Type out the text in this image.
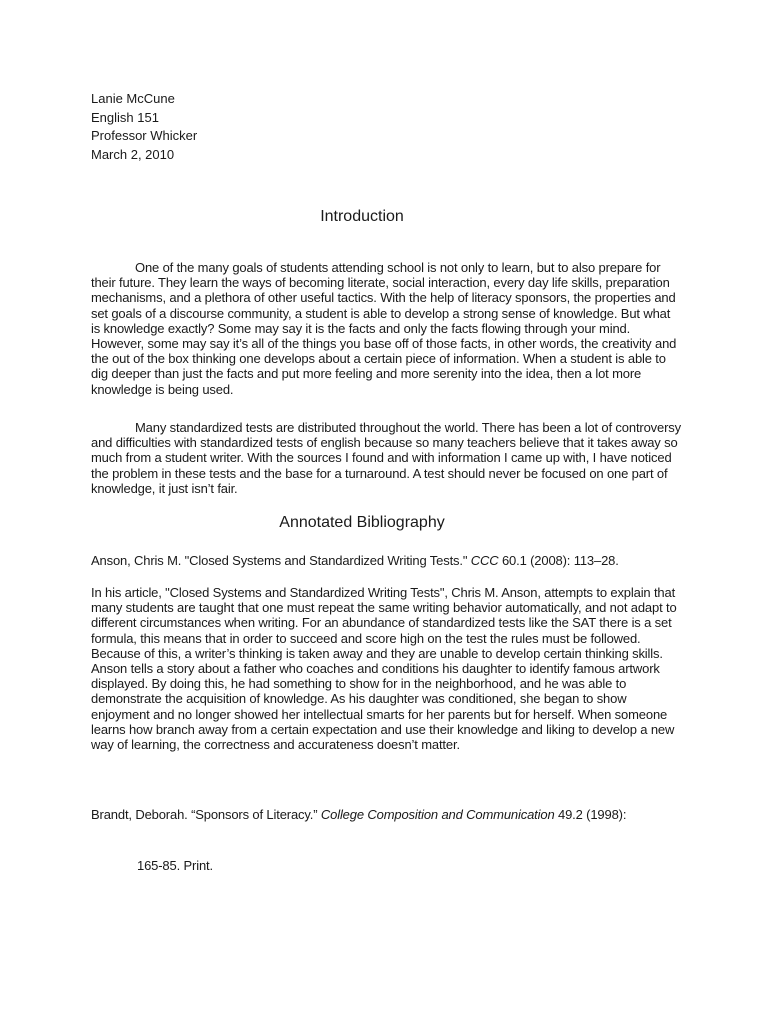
Lanie McCune
English 151
Professor Whicker
March 2, 2010
Introduction
One of the many goals of students attending school is not only to learn, but to also prepare for their future. They learn the ways of becoming literate, social interaction, every day life skills, preparation mechanisms, and a plethora of other useful tactics. With the help of literacy sponsors, the properties and set goals of a discourse community, a student is able to develop a strong sense of knowledge. But what is knowledge exactly? Some may say it is the facts and only the facts flowing through your mind. However, some may say it’s all of the things you base off of those facts, in other words, the creativity and the out of the box thinking one develops about a certain piece of information. When a student is able to dig deeper than just the facts and put more feeling and more serenity into the idea, then a lot more knowledge is being used.
Many standardized tests are distributed throughout the world. There has been a lot of controversy and difficulties with standardized tests of english because so many teachers believe that it takes away so much from a student writer. With the sources I found and with information I came up with, I have noticed the problem in these tests and the base for a turnaround. A test should never be focused on one part of knowledge, it just isn’t fair.
Annotated Bibliography
Anson, Chris M. "Closed Systems and Standardized Writing Tests." CCC 60.1 (2008): 113–28.
In his article, "Closed Systems and Standardized Writing Tests", Chris M. Anson, attempts to explain that many students are taught that one must repeat the same writing behavior automatically, and not adapt to different circumstances when writing. For an abundance of standardized tests like the SAT there is a set formula, this means that in order to succeed and score high on the test the rules must be followed. Because of this, a writer’s thinking is taken away and they are unable to develop certain thinking skills. Anson tells a story about a father who coaches and conditions his daughter to identify famous artwork displayed. By doing this, he had something to show for in the neighborhood, and he was able to demonstrate the acquisition of knowledge. As his daughter was conditioned, she began to show enjoyment and no longer showed her intellectual smarts for her parents but for herself. When someone learns how branch away from a certain expectation and use their knowledge and liking to develop a new way of learning, the correctness and accurateness doesn’t matter.
Brandt, Deborah. “Sponsors of Literacy.” College Composition and Communication 49.2 (1998):
165-85. Print.
